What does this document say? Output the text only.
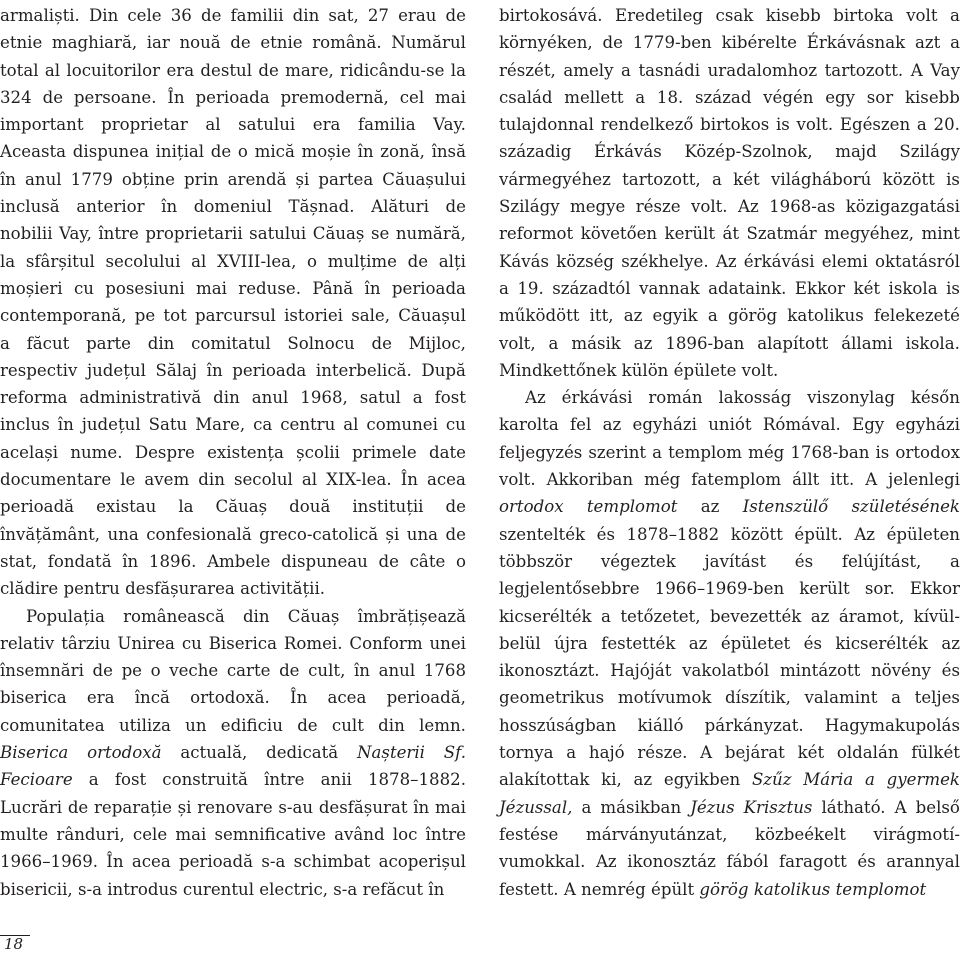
armaliști. Din cele 36 de familii din sat, 27 erau de
etnie maghiară, iar nouă de etnie română. Numărul
total al locuitorilor era destul de mare, ridicându-se la
324 de persoane. În perioada premodernă, cel mai
important proprietar al satului era familia Vay.
Aceasta dispunea inițial de o mică moșie în zonă, însă
în anul 1779 obține prin arendă și partea Căuașului
inclusă anterior în domeniul Tășnad. Alături de
nobilii Vay, între proprietarii satului Căuaș se numără,
la sfârșitul secolului al XVIII-lea, o mulțime de alți
moșieri cu posesiuni mai reduse. Până în perioada
contemporană, pe tot parcursul istoriei sale, Căuașul
a făcut parte din comitatul Solnocu de Mijloc,
respectiv județul Sălaj în perioada interbelică. După
reforma administrativă din anul 1968, satul a fost
inclus în județul Satu Mare, ca centru al comunei cu
același nume. Despre existența școlii primele date
documentare le avem din secolul al XIX-lea. În acea
perioadă existau la Căuaș două instituții de
învățământ, una confesională greco-catolică și una de
stat, fondată în 1896. Ambele dispuneau de câte o
clădire pentru desfășurarea activității.
Populația românească din Căuaș îmbrățișează
relativ târziu Unirea cu Biserica Romei. Conform unei
însemnări de pe o veche carte de cult, în anul 1768
biserica era încă ortodoxă. În acea perioadă,
comunitatea utiliza un edificiu de cult din lemn.
Biserica ortodoxă actuală, dedicată Nașterii Sf.
Fecioare a fost construită între anii 1878–1882.
Lucrări de reparație și renovare s-au desfășurat în mai
multe rânduri, cele mai semnificative având loc între
1966–1969. În acea perioadă s-a schimbat acoperișul
bisericii, s-a introdus curentul electric, s-a refăcut în
birtokosává. Eredetileg csak kisebb birtoka volt a
környéken, de 1779-ben kibérelte Érkávásnak azt a
részét, amely a tasnádi uradalomhoz tartozott. A Vay
család mellett a 18. század végén egy sor kisebb
tulajdonnal rendelkező birtokos is volt. Egészen a 20.
századig Érkávás Közép-Szolnok, majd Szilágy
vármegyéhez tartozott, a két világháború között is
Szilágy megye része volt. Az 1968-as közigazgatási
reformot követően került át Szatmár megyéhez, mint
Kávás község székhelye. Az érkávási elemi oktatásról
a 19. századtól vannak adataink. Ekkor két iskola is
működött itt, az egyik a görög katolikus felekezeté
volt, a másik az 1896-ban alapított állami iskola.
Mindkettőnek külön épülete volt.
Az érkávási román lakosság viszonylag későn
karolta fel az egyházi uniót Rómával. Egy egyházi
feljegyzés szerint a templom még 1768-ban is ortodox
volt. Akkoriban még fatemplom állt itt. A jelenlegi
ortodox templomot az Istenszülő születésének
szentelték és 1878–1882 között épült. Az épületen
többször végeztek javítást és felújítást, a
legjelentősebbre 1966–1969-ben került sor. Ekkor
kicserélték a tetőzetet, bevezették az áramot, kívül-
belül újra festették az épületet és kicserélték az
ikonosztázt. Hajóját vakolatból mintázott növény és
geometrikus motívumok díszítik, valamint a teljes
hosszúságban kiálló párkányzat. Hagymakupolás
tornya a hajó része. A bejárat két oldalán fülkét
alakítottak ki, az egyikben Szűz Mária a gyermek
Jézussal, a másikban Jézus Krisztus látható. A belső
festése márványutánzat, közbeékelt virágmotí-
vumokkal. Az ikonosztáz fából faragott és arannyal
festett. A nemrég épült görög katolikus templomot
18
